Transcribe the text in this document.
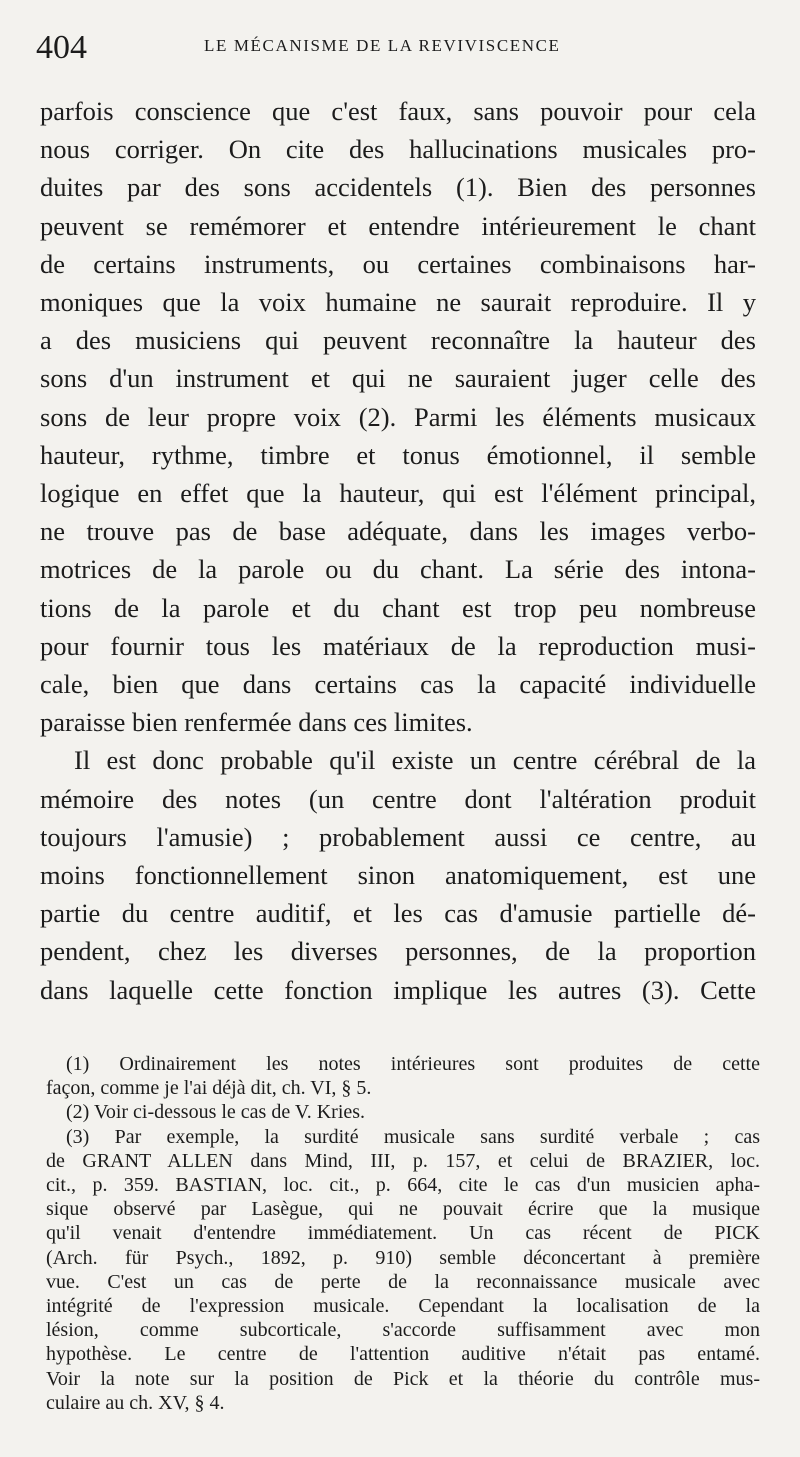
404	LE MÉCANISME DE LA REVIVISCENCE
parfois conscience que c'est faux, sans pouvoir pour cela
nous corriger. On cite des hallucinations musicales pro-
duites par des sons accidentels (1). Bien des personnes
peuvent se remémorer et entendre intérieurement le chant
de certains instruments, ou certaines combinaisons har-
moniques que la voix humaine ne saurait reproduire. Il y
a des musiciens qui peuvent reconnaître la hauteur des
sons d'un instrument et qui ne sauraient juger celle des
sons de leur propre voix (2). Parmi les éléments musicaux
hauteur, rythme, timbre et tonus émotionnel, il semble
logique en effet que la hauteur, qui est l'élément principal,
ne trouve pas de base adéquate, dans les images verbo-
motrices de la parole ou du chant. La série des intona-
tions de la parole et du chant est trop peu nombreuse
pour fournir tous les matériaux de la reproduction musi-
cale, bien que dans certains cas la capacité individuelle
paraisse bien renfermée dans ces limites.
Il est donc probable qu'il existe un centre cérébral de la
mémoire des notes (un centre dont l'altération produit
toujours l'amusie) ; probablement aussi ce centre, au
moins fonctionnellement sinon anatomiquement, est une
partie du centre auditif, et les cas d'amusie partielle dé-
pendent, chez les diverses personnes, de la proportion
dans laquelle cette fonction implique les autres (3). Cette
(1) Ordinairement les notes intérieures sont produites de cette
façon, comme je l'ai déjà dit, ch. VI, § 5.
(2) Voir ci-dessous le cas de V. Kries.
(3) Par exemple, la surdité musicale sans surdité verbale ; cas
de GRANT ALLEN dans Mind, III, p. 157, et celui de BRAZIER, loc.
cit., p. 359. BASTIAN, loc. cit., p. 664, cite le cas d'un musicien apha-
sique observé par Lasègue, qui ne pouvait écrire que la musique
qu'il venait d'entendre immédiatement. Un cas récent de PICK
(Arch. für Psych., 1892, p. 910) semble déconcertant à première
vue. C'est un cas de perte de la reconnaissance musicale avec
intégrité de l'expression musicale. Cependant la localisation de la
lésion, comme subcorticale, s'accorde suffisamment avec mon
hypothèse. Le centre de l'attention auditive n'était pas entamé.
Voir la note sur la position de Pick et la théorie du contrôle mus-
culaire au ch. XV, § 4.
